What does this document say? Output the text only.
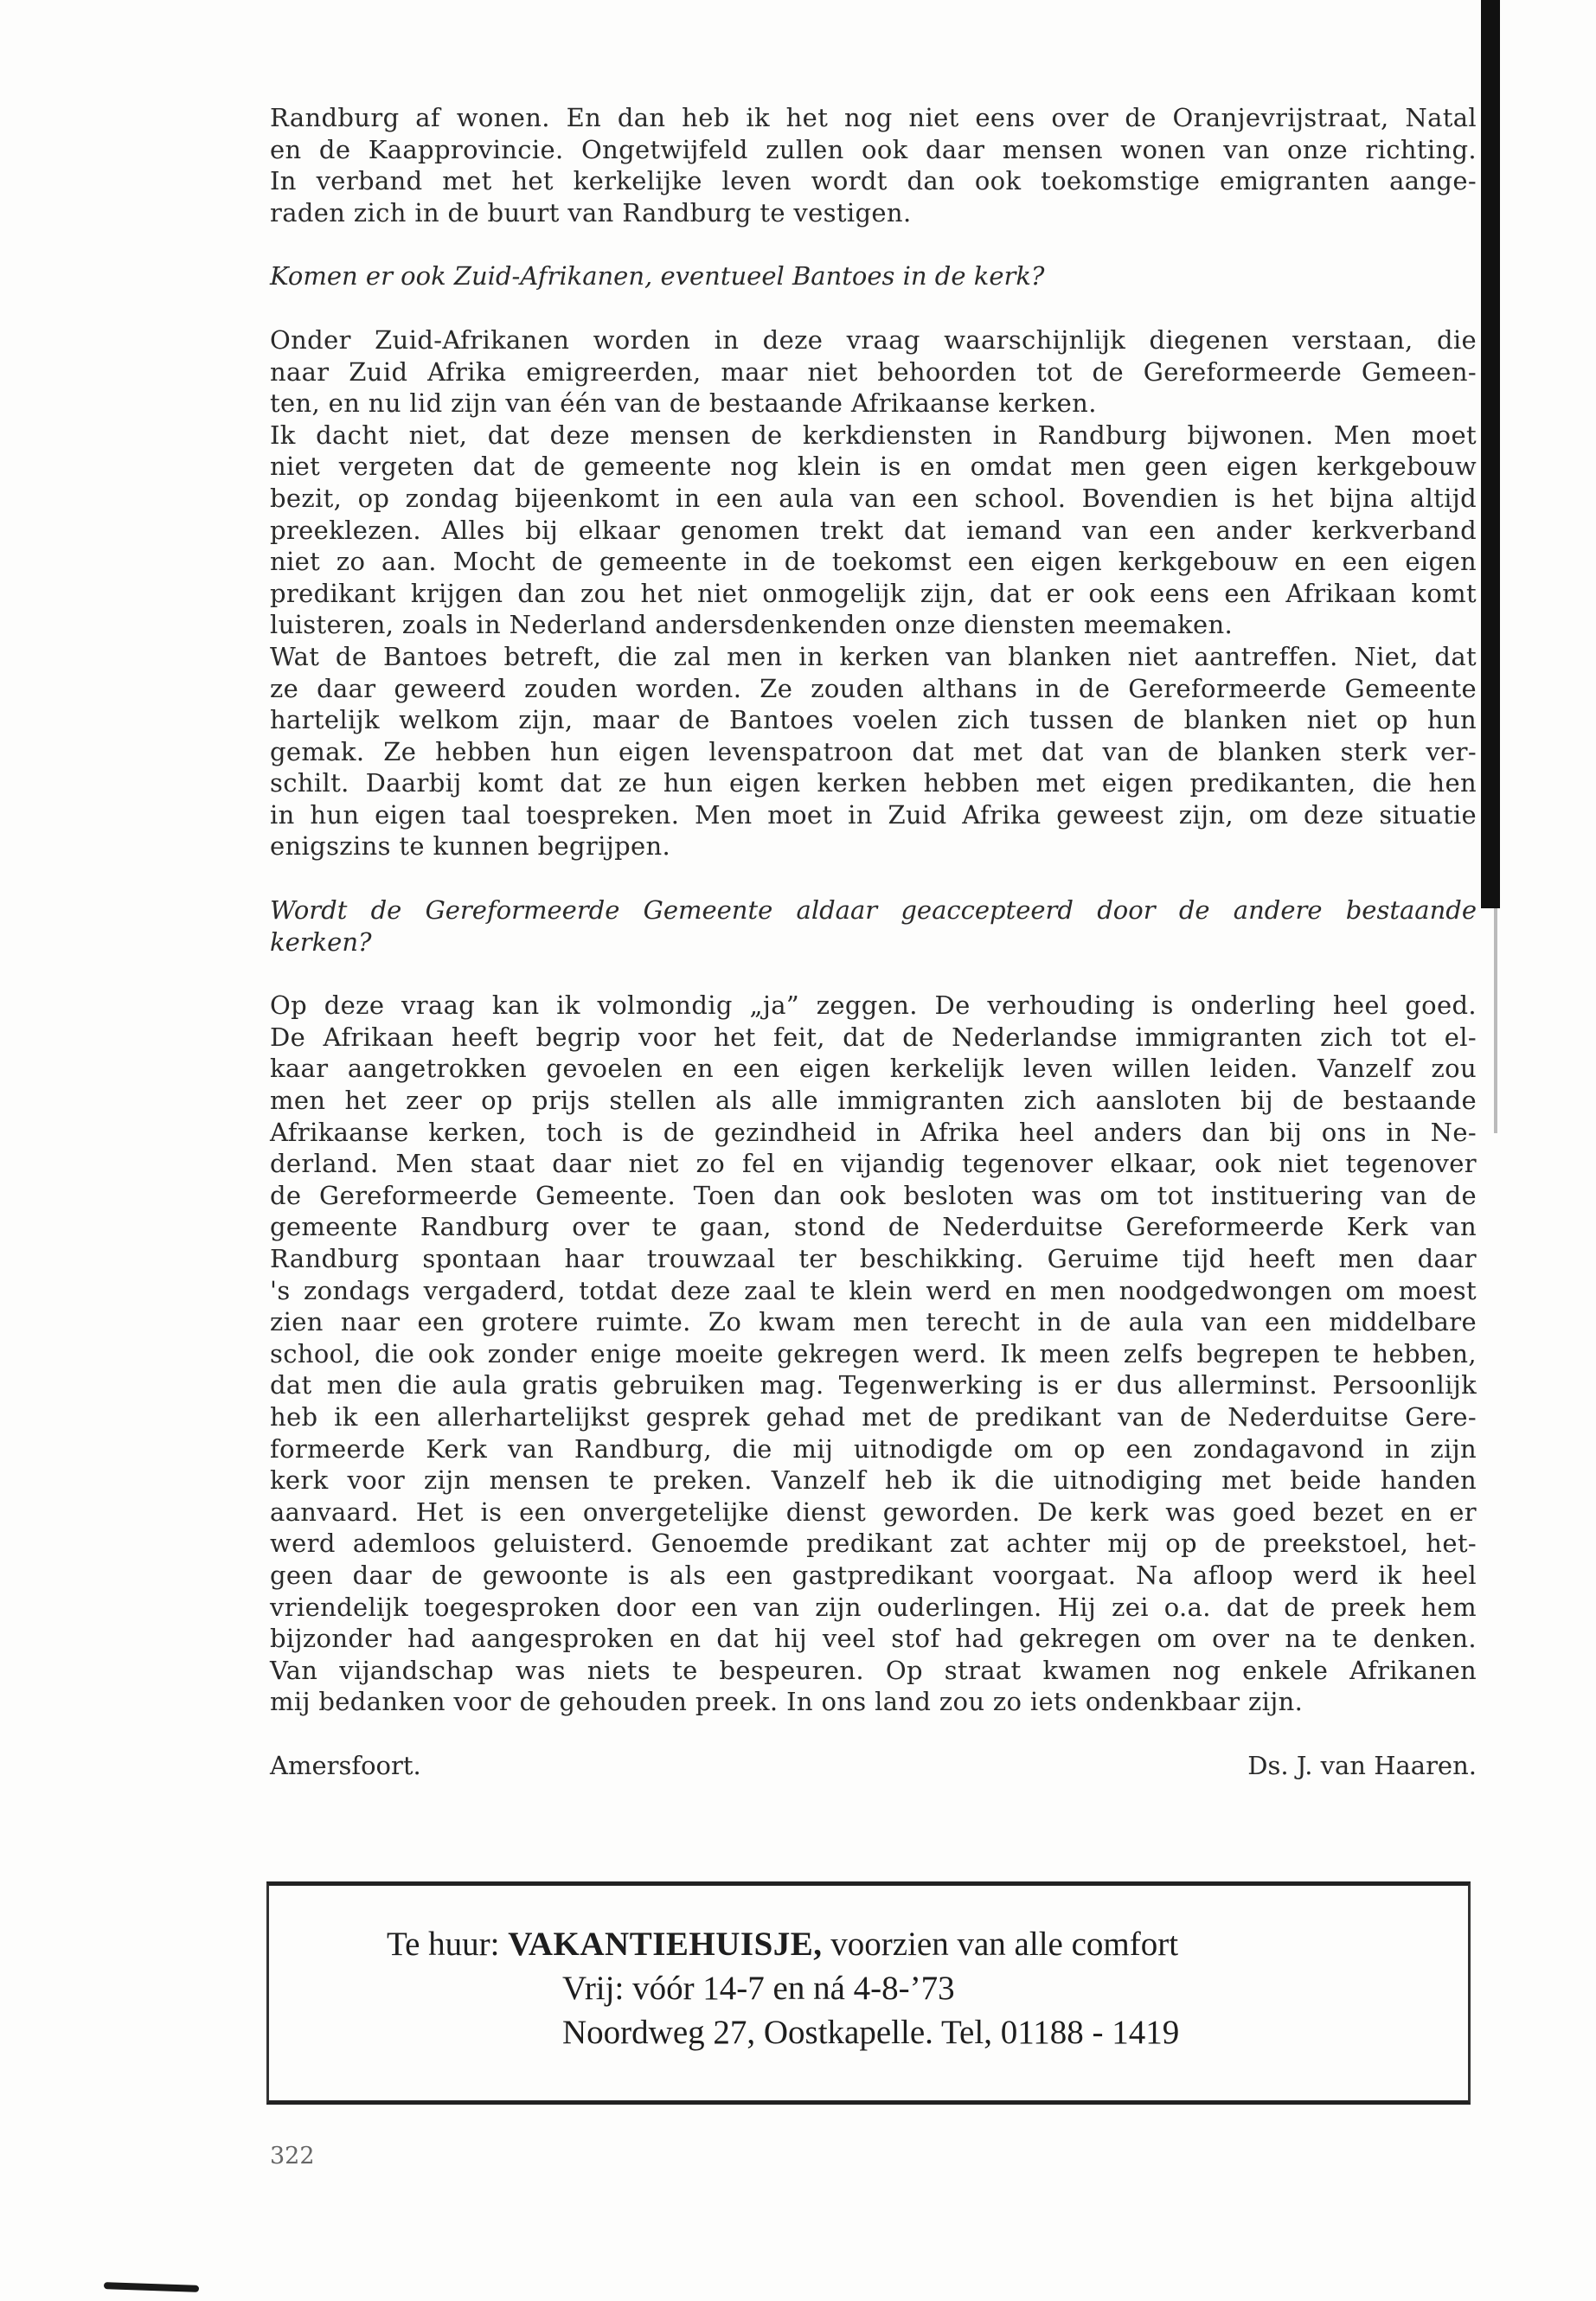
Randburg af wonen. En dan heb ik het nog niet eens over de Oranjevrijstraat, Natal
en de Kaapprovincie. Ongetwijfeld zullen ook daar mensen wonen van onze richting.
In verband met het kerkelijke leven wordt dan ook toekomstige emigranten aange-
raden zich in de buurt van Randburg te vestigen.

Komen er ook Zuid-Afrikanen, eventueel Bantoes in de kerk?

Onder Zuid-Afrikanen worden in deze vraag waarschijnlijk diegenen verstaan, die
naar Zuid Afrika emigreerden, maar niet behoorden tot de Gereformeerde Gemeen-
ten, en nu lid zijn van één van de bestaande Afrikaanse kerken.

Ik dacht niet, dat deze mensen de kerkdiensten in Randburg bijwonen. Men moet
niet vergeten dat de gemeente nog klein is en omdat men geen eigen kerkgebouw
bezit, op zondag bijeenkomt in een aula van een school. Bovendien is het bijna altijd
preeklezen. Alles bij elkaar genomen trekt dat iemand van een ander kerkverband
niet zo aan. Mocht de gemeente in de toekomst een eigen kerkgebouw en een eigen
predikant krijgen dan zou het niet onmogelijk zijn, dat er ook eens een Afrikaan komt
luisteren, zoals in Nederland andersdenkenden onze diensten meemaken.

Wat de Bantoes betreft, die zal men in kerken van blanken niet aantreffen. Niet, dat
ze daar geweerd zouden worden. Ze zouden althans in de Gereformeerde Gemeente
hartelijk welkom zijn, maar de Bantoes voelen zich tussen de blanken niet op hun
gemak. Ze hebben hun eigen levenspatroon dat met dat van de blanken sterk ver-
schilt. Daarbij komt dat ze hun eigen kerken hebben met eigen predikanten, die hen
in hun eigen taal toespreken. Men moet in Zuid Afrika geweest zijn, om deze situatie
enigszins te kunnen begrijpen.

Wordt de Gereformeerde Gemeente aldaar geaccepteerd door de andere bestaande
kerken?

Op deze vraag kan ik volmondig „ja” zeggen. De verhouding is onderling heel goed.
De Afrikaan heeft begrip voor het feit, dat de Nederlandse immigranten zich tot el-
kaar aangetrokken gevoelen en een eigen kerkelijk leven willen leiden. Vanzelf zou
men het zeer op prijs stellen als alle immigranten zich aansloten bij de bestaande
Afrikaanse kerken, toch is de gezindheid in Afrika heel anders dan bij ons in Ne-
derland. Men staat daar niet zo fel en vijandig tegenover elkaar, ook niet tegenover
de Gereformeerde Gemeente. Toen dan ook besloten was om tot instituering van de
gemeente Randburg over te gaan, stond de Nederduitse Gereformeerde Kerk van
Randburg spontaan haar trouwzaal ter beschikking. Geruime tijd heeft men daar
's zondags vergaderd, totdat deze zaal te klein werd en men noodgedwongen om moest
zien naar een grotere ruimte. Zo kwam men terecht in de aula van een middelbare
school, die ook zonder enige moeite gekregen werd. Ik meen zelfs begrepen te hebben,
dat men die aula gratis gebruiken mag. Tegenwerking is er dus allerminst. Persoonlijk
heb ik een allerhartelijkst gesprek gehad met de predikant van de Nederduitse Gere-
formeerde Kerk van Randburg, die mij uitnodigde om op een zondagavond in zijn
kerk voor zijn mensen te preken. Vanzelf heb ik die uitnodiging met beide handen
aanvaard. Het is een onvergetelijke dienst geworden. De kerk was goed bezet en er
werd ademloos geluisterd. Genoemde predikant zat achter mij op de preekstoel, het-
geen daar de gewoonte is als een gastpredikant voorgaat. Na afloop werd ik heel
vriendelijk toegesproken door een van zijn ouderlingen. Hij zei o.a. dat de preek hem
bijzonder had aangesproken en dat hij veel stof had gekregen om over na te denken.
Van vijandschap was niets te bespeuren. Op straat kwamen nog enkele Afrikanen
mij bedanken voor de gehouden preek. In ons land zou zo iets ondenkbaar zijn.

Amersfoort.	Ds. J. van Haaren.
Te huur: VAKANTIEHUISJE, voorzien van alle comfort
Vrij: vóór 14-7 en ná 4-8-’73
Noordweg 27, Oostkapelle. Tel, 01188 - 1419
322
